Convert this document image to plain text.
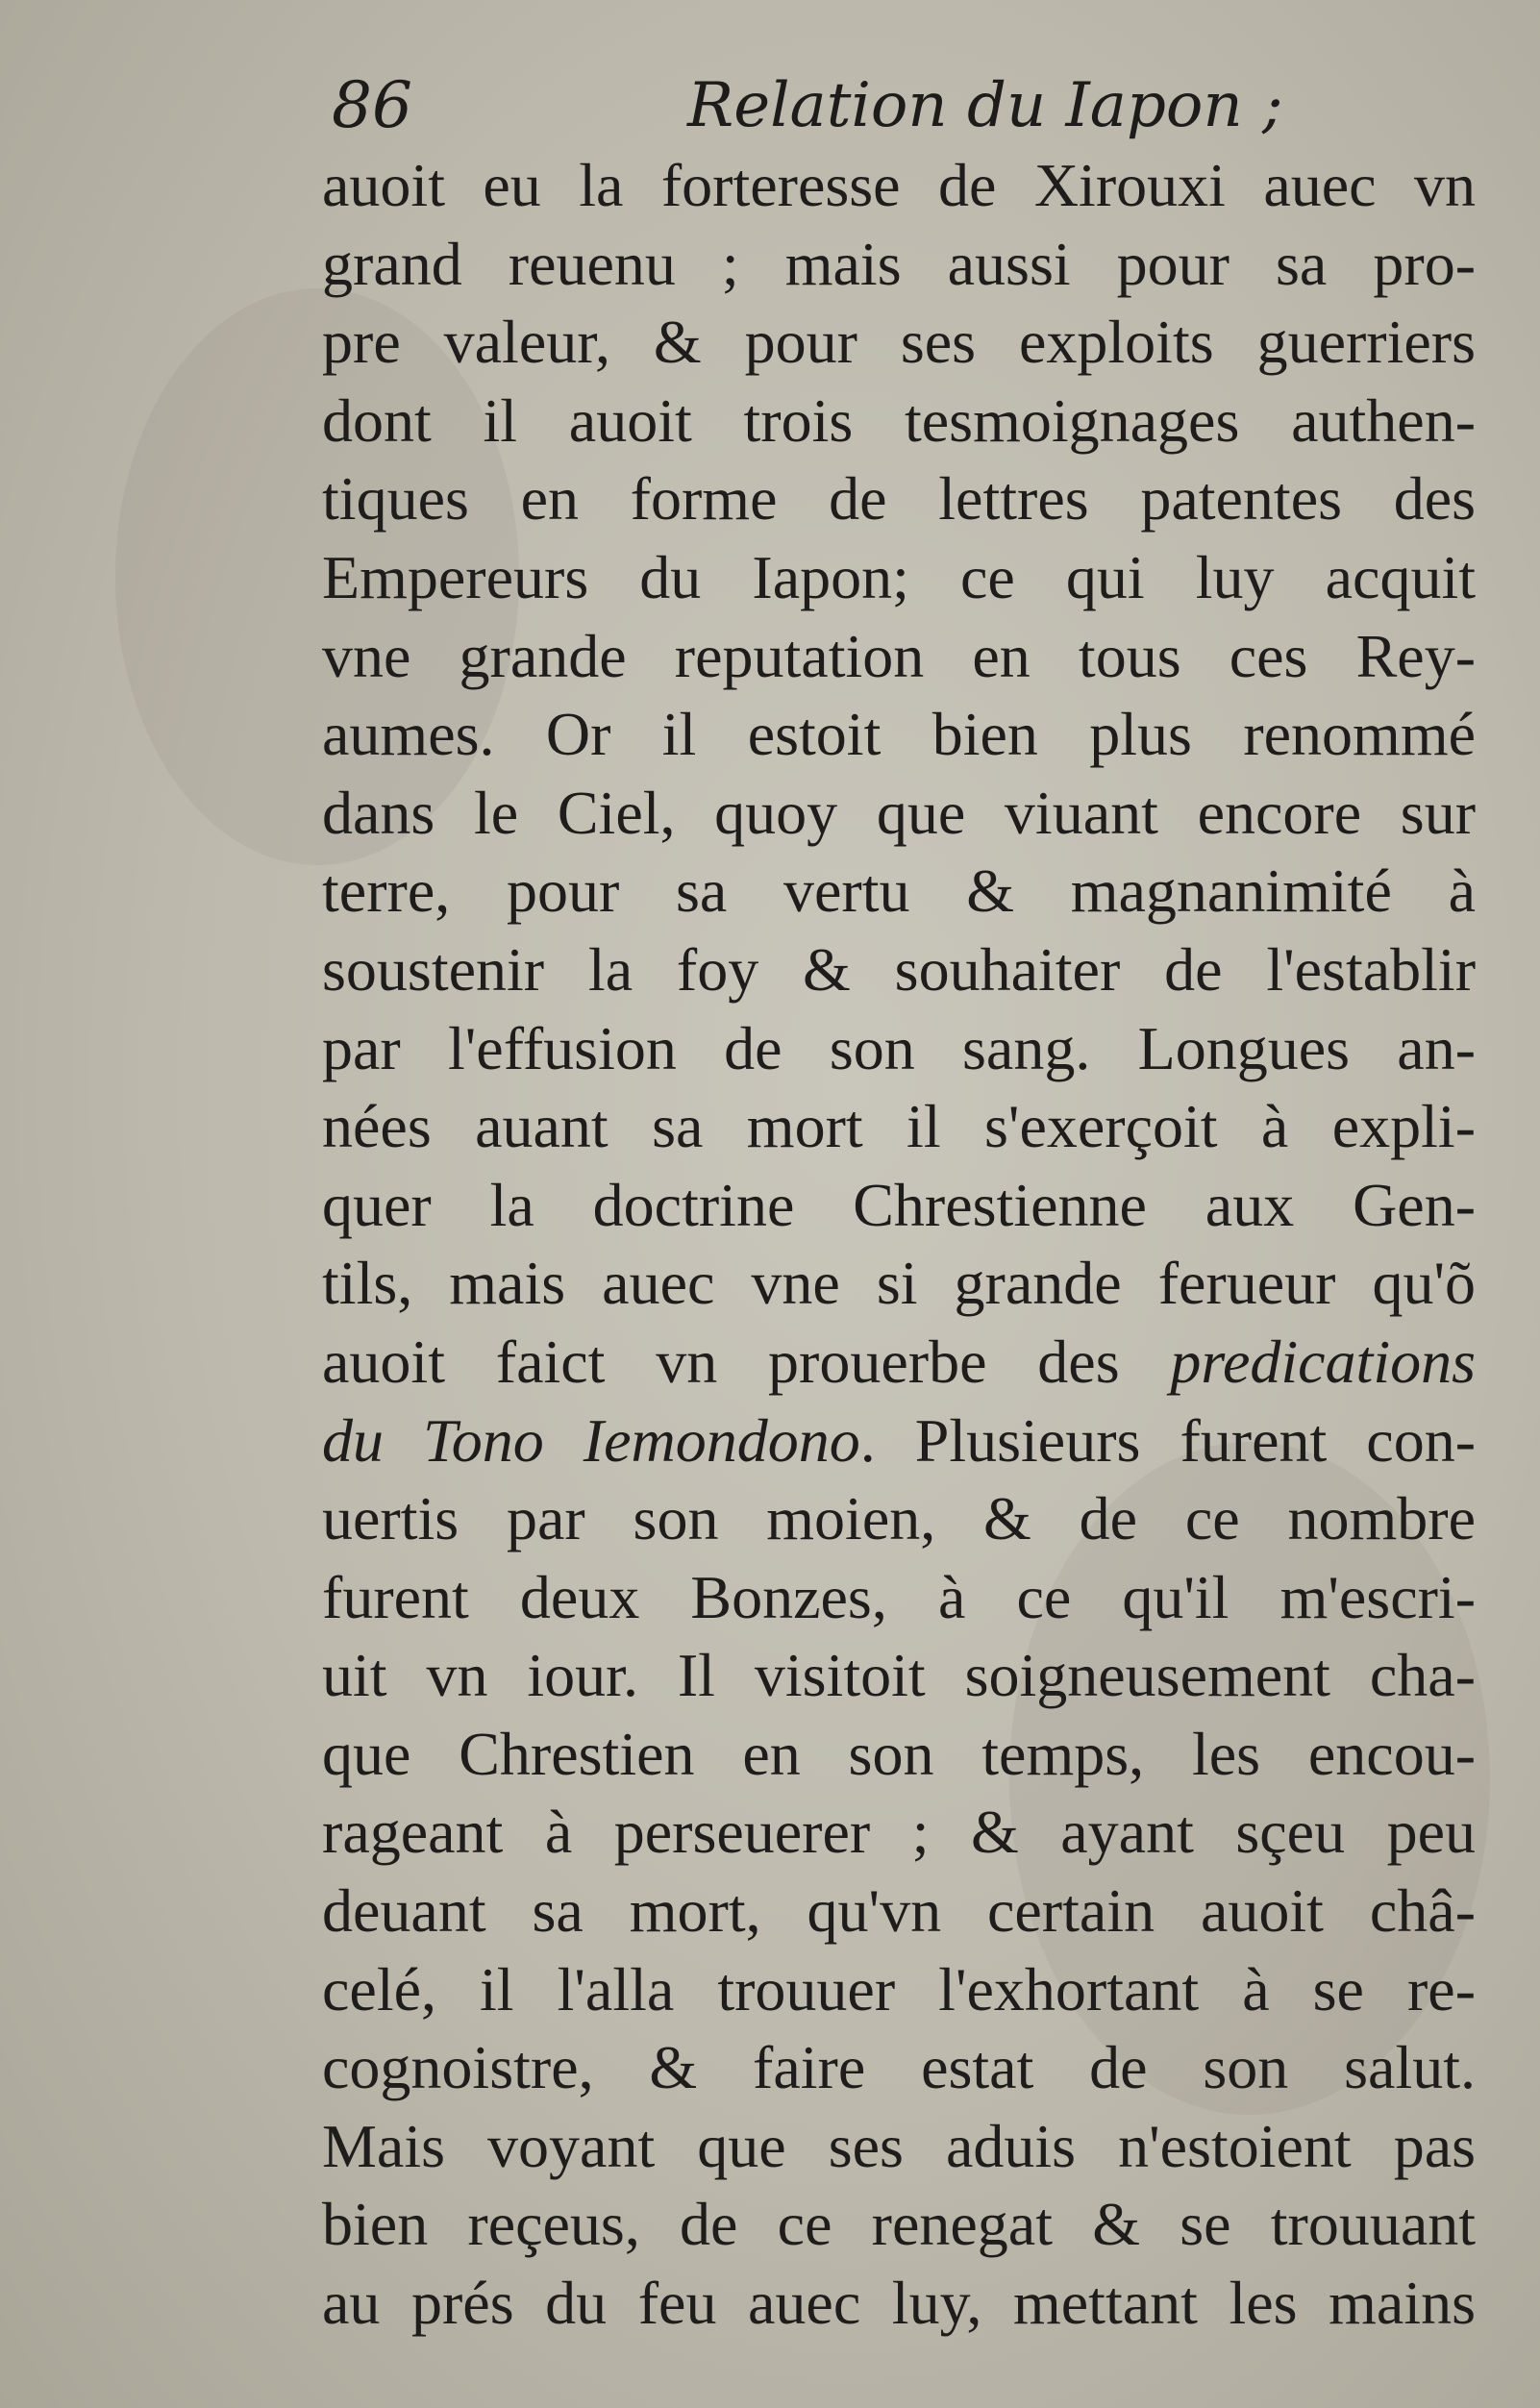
86	Relation du Iapon ;
auoit eu la forteresse de Xirouxi auec vn
grand reuenu ; mais aussi pour sa pro-
pre valeur, & pour ses exploits guerriers
dont il auoit trois tesmoignages authen-
tiques en forme de lettres patentes des
Empereurs du Iapon; ce qui luy acquit
vne grande reputation en tous ces Rey-
aumes. Or il estoit bien plus renommé
dans le Ciel, quoy que viuant encore sur
terre, pour sa vertu & magnanimité à
soustenir la foy & souhaiter de l'establir
par l'effusion de son sang. Longues an-
nées auant sa mort il s'exerçoit à expli-
quer la doctrine Chrestienne aux Gen-
tils, mais auec vne si grande ferueur qu'õ
auoit faict vn prouerbe des predications
du Tono Iemondono. Plusieurs furent con-
uertis par son moien, & de ce nombre
furent deux Bonzes, à ce qu'il m'escri-
uit vn iour. Il visitoit soigneusement cha-
que Chrestien en son temps, les encou-
rageant à perseuerer ; & ayant sçeu peu
deuant sa mort, qu'vn certain auoit châ-
celé, il l'alla trouuer l'exhortant à se re-
cognoistre, & faire estat de son salut.
Mais voyant que ses aduis n'estoient pas
bien reçeus, de ce renegat & se trouuant
au prés du feu auec luy, mettant les mains
